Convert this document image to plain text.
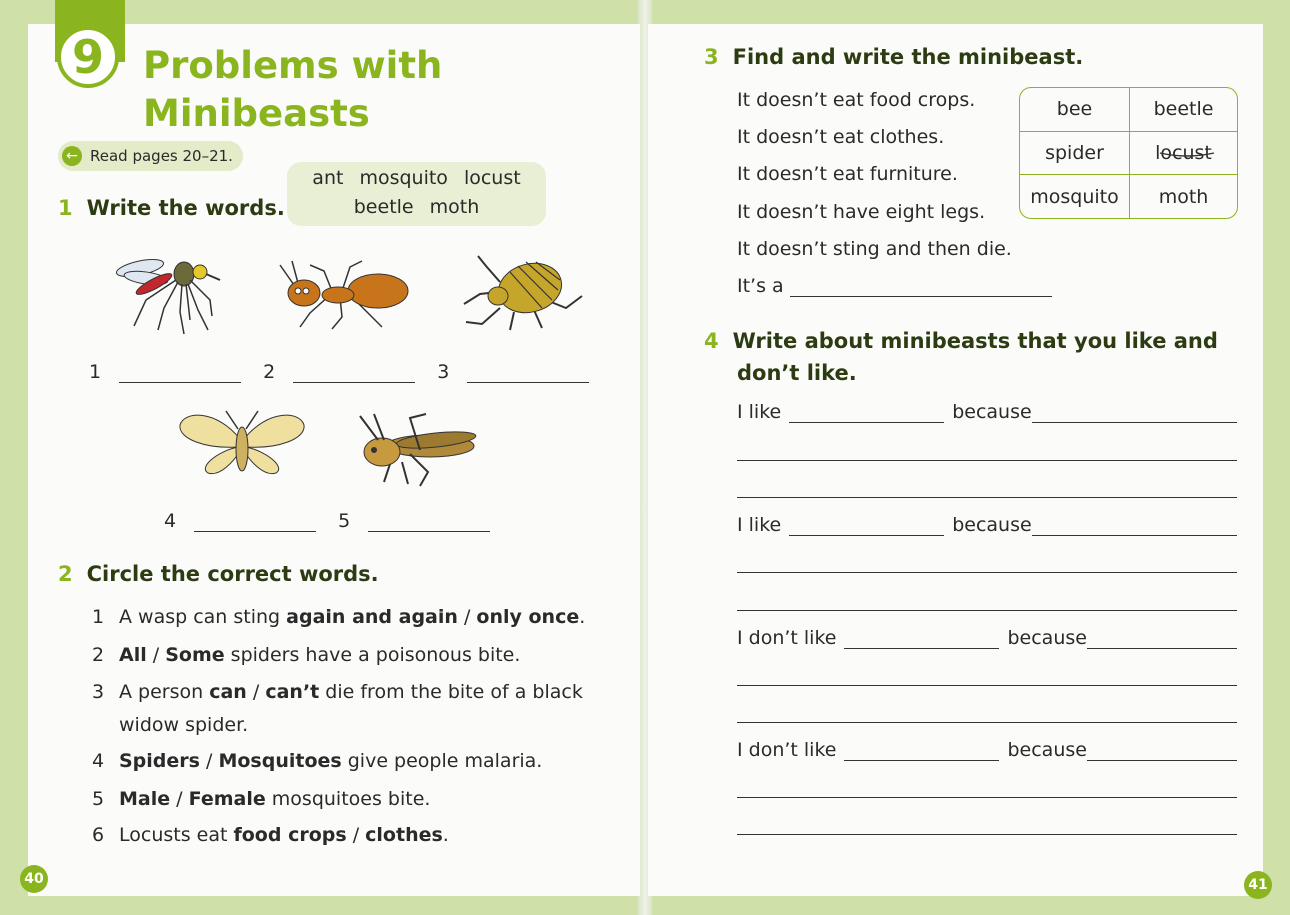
9 Problems with
Minibeasts
← Read pages 20–21.
1 Write the words.
ant mosquito locust
beetle moth
1	2	3
4	5
2 Circle the correct words.
1 A wasp can sting again and again / only once.
2 All / Some spiders have a poisonous bite.
3 A person can / can’t die from the bite of a black
widow spider.
4 Spiders / Mosquitoes give people malaria.
5 Male / Female mosquitoes bite.
6 Locusts eat food crops / clothes.
40
3 Find and write the minibeast.
It doesn’t eat food crops.
It doesn’t eat clothes.
It doesn’t eat furniture.
It doesn’t have eight legs.
It doesn’t sting and then die.
It’s a
bee	beetle
spider	locust
mosquito moth
4 Write about minibeasts that you like and
don’t like.
I like	because
I like	because
I don’t like	because
I don’t like	because
41
